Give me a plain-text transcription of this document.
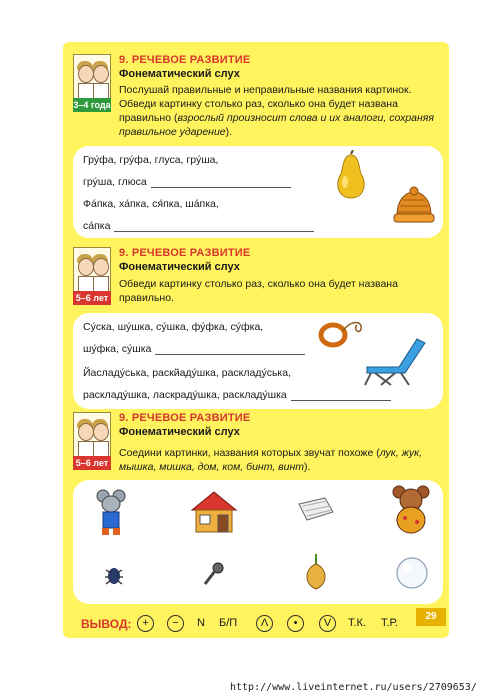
3–4 года
9. РЕЧЕВОЕ РАЗВИТИЕ
Фонематический слух
Послушай правильные и неправильные названия картинок. Обведи картинку столько раз, сколько она будет названа правильно (взрослый произносит слова и их аналоги, сохраняя правильное ударение).
Гру́фа, грýфа, глуса, гру́ша,
грýша, глюса
Фа́пка, ха́пка, ся́пка, ша́пка,
са́пка
5–6 лет
9. РЕЧЕВОЕ РАЗВИТИЕ
Фонематический слух
Обведи картинку столько раз, сколько она будет названа правильно.
Су́ска, шу́шка, су́шка, фу́фка, су́фка,
шу́фка, су́шка
Йасладу́ська, раскйаду́шка, раскладу́ська,
раскладу́шка, ласкраду́шка, раскладу́шка
5–6 лет
9. РЕЧЕВОЕ РАЗВИТИЕ
Фонематический слух
Соедини картинки, названия которых звучат похоже (лук, жук, мышка, мишка, дом, ком, бинт, винт).
ВЫВОД: +	−	N Б/П	Λ	•	V	Т.К. Т.Р.
29
http://www.liveinternet.ru/users/2709653/
